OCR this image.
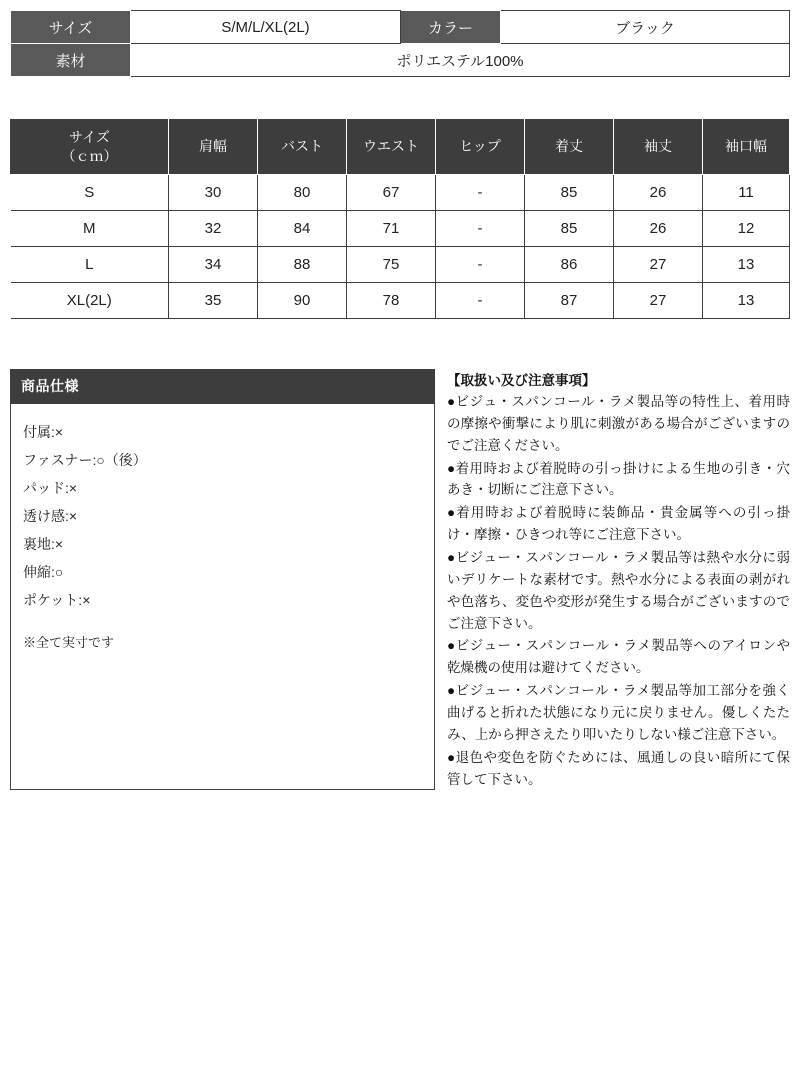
サイズ	S/M/L/XL(2L)	カラー	ブラック
素材	ポリエステル100%		
サイズ
（ｃｍ）	肩幅	バスト	ウエスト	ヒップ	着丈	袖丈	袖口幅
S	30	80	67	-	85	26	11
M	32	84	71	-	85	26	12
L	34	88	75	-	86	27	13
XL(2L)	35	90	78	-	87	27	13
商品仕様
付属:×
ファスナー:○（後）
パッド:×
透け感:×
裏地:×
伸縮:○
ポケット:×
※全て実寸です
【取扱い及び注意事項】

●ビジュ・スパンコール・ラメ製品等の特性上、着用時の摩擦や衝撃により肌に刺激がある場合がございますのでご注意ください。

●着用時および着脱時の引っ掛けによる生地の引き・穴あき・切断にご注意下さい。

●着用時および着脱時に装飾品・貴金属等への引っ掛け・摩擦・ひきつれ等にご注意下さい。

●ビジュー・スパンコール・ラメ製品等は熱や水分に弱いデリケートな素材です。熱や水分による表面の剥がれや色落ち、変色や変形が発生する場合がございますのでご注意下さい。

●ビジュー・スパンコール・ラメ製品等へのアイロンや乾燥機の使用は避けてください。

●ビジュー・スパンコール・ラメ製品等加工部分を強く曲げると折れた状態になり元に戻りません。優しくたたみ、上から押さえたり叩いたりしない様ご注意下さい。

●退色や変色を防ぐためには、風通しの良い暗所にて保管して下さい。
